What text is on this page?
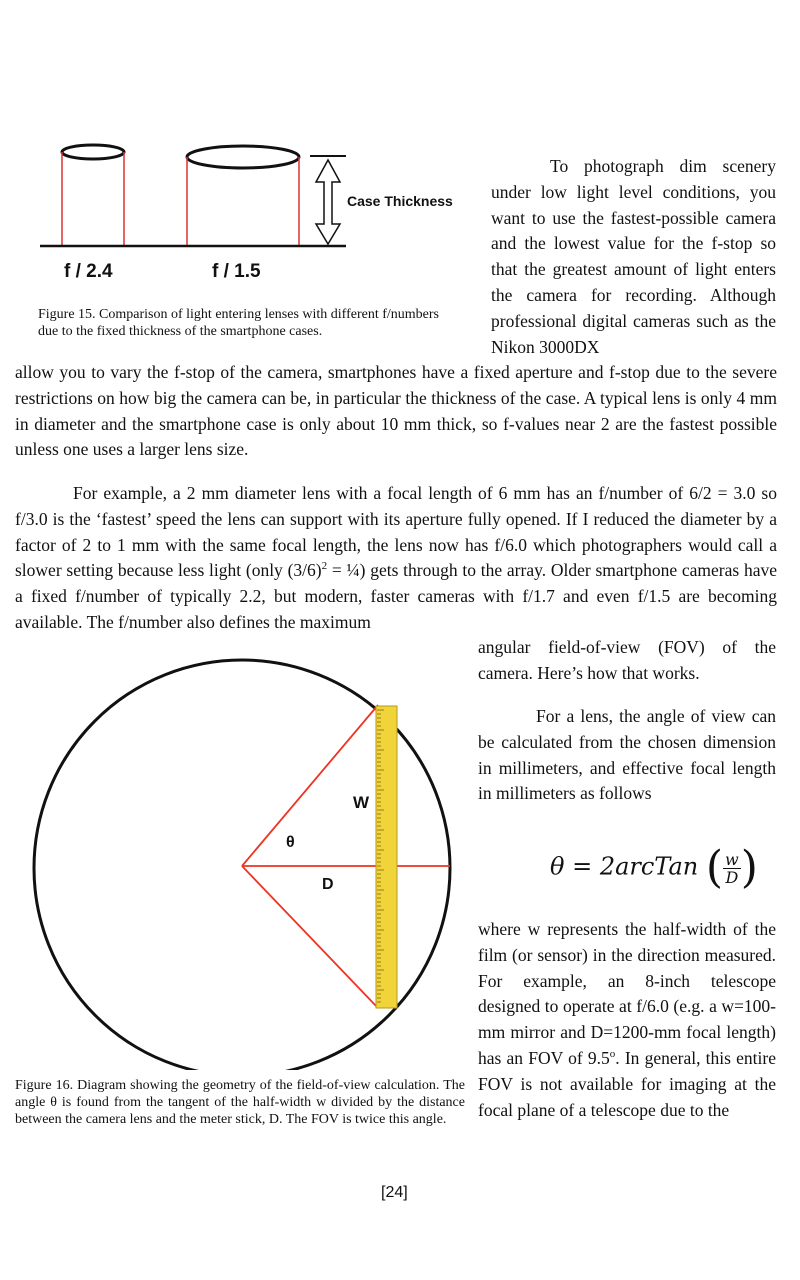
Case Thickness
f / 2.4	f / 1.5

Figure 15. Comparison of light entering lenses with different f/numbers due to the fixed thickness of the smartphone cases.

To photograph dim scenery under low light level conditions, you want to use the fastest-possible camera and the lowest value for the f-stop so that the greatest amount of light enters the camera for recording. Although professional digital cameras such as the Nikon 3000DX

allow you to vary the f-stop of the camera, smartphones have a fixed aperture and f-stop due to the severe restrictions on how big the camera can be, in particular the thickness of the case. A typical lens is only 4 mm in diameter and the smartphone case is only about 10 mm thick, so f-values near 2 are the fastest possible unless one uses a larger lens size.

For example, a 2 mm diameter lens with a focal length of 6 mm has an f/number of 6/2 = 3.0 so f/3.0 is the ‘fastest’ speed the lens can support with its aperture fully opened. If I reduced the diameter by a factor of 2 to 1 mm with the same focal length, the lens now has f/6.0 which photographers would call a slower setting because less light (only $(3/6)^2$ = ¼) gets through to the array. Older smartphone cameras have a fixed f/number of typically 2.2, but modern, faster cameras with f/1.7 and even f/1.5 are becoming available. The f/number also defines the maximum

angular field-of-view (FOV) of the camera. Here’s how that works.

W
θ
D

Figure 16. Diagram showing the geometry of the field-of-view calculation. The angle θ is found from the tangent of the half-width w divided by the distance between the camera lens and the meter stick, D. The FOV is twice this angle.

For a lens, the angle of view can be calculated from the chosen dimension in millimeters, and effective focal length in millimeters as follows

θ = 2arcTan ( $\frac{w}{D}$ )

where w represents the half-width of the film (or sensor) in the direction measured. For example, an 8-inch telescope designed to operate at f/6.0 (e.g. a w=100-mm mirror and D=1200-mm focal length) has an FOV of 9.5$^o$. In general, this entire FOV is not available for imaging at the focal plane of a telescope due to the

[24]
